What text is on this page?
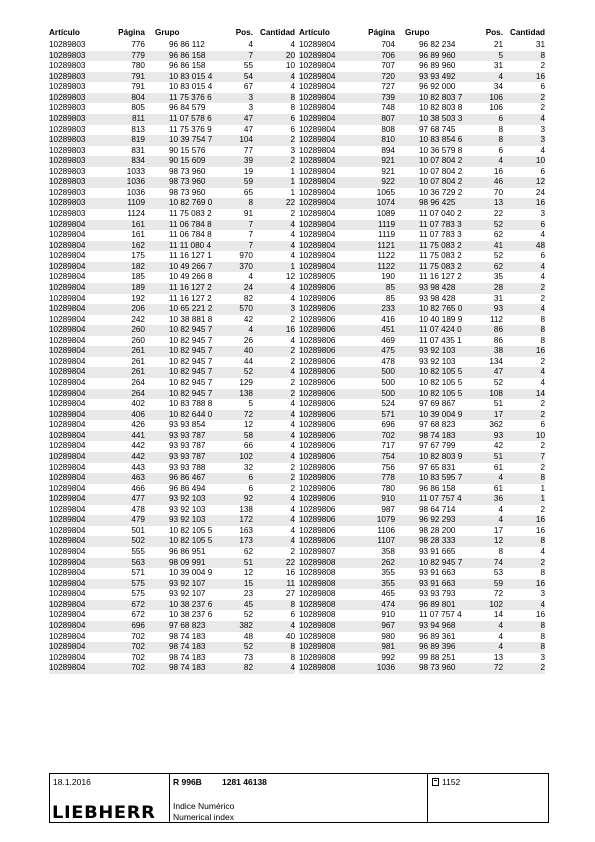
Artículo	Página		Grupo	Pos.	Cantidad
10289803	776		96 86 112	4	4
10289803	779		96 86 158	7	20
10289803	780		96 86 158	55	10
10289803	791		10 83 015 4	54	4
10289803	791		10 83 015 4	67	4
10289803	804		11 75 376 6	3	8
10289803	805		96 84 579	3	8
10289803	811		11 07 578 6	47	6
10289803	813		11 75 376 9	47	6
10289803	819		10 39 754 7	104	2
10289803	831		90 15 576	77	3
10289803	834		90 15 609	39	2
10289803	1033		98 73 960	19	1
10289803	1036		98 73 960	59	1
10289803	1036		98 73 960	65	1
10289803	1109		10 82 769 0	8	22
10289803	1124		11 75 083 2	91	2
10289804	161		11 06 784 8	7	4
10289804	161		11 06 784 8	7	4
10289804	162		11 11 080 4	7	4
10289804	175		11 16 127 1	970	4
10289804	182		10 49 266 7	370	1
10289804	185		10 49 266 8	4	12
10289804	189		11 16 127 2	24	4
10289804	192		11 16 127 2	82	4
10289804	206		10 65 221 2	570	3
10289804	242		10 38 881 8	42	2
10289804	260		10 82 945 7	4	16
10289804	260		10 82 945 7	26	4
10289804	261		10 82 945 7	40	2
10289804	261		10 82 945 7	44	2
10289804	261		10 82 945 7	52	4
10289804	264		10 82 945 7	129	2
10289804	264		10 82 945 7	138	2
10289804	402		10 83 788 8	5	4
10289804	406		10 82 644 0	72	4
10289804	426		93 93 854	12	4
10289804	441		93 93 787	58	4
10289804	442		93 93 787	66	4
10289804	442		93 93 787	102	4
10289804	443		93 93 788	32	2
10289804	463		96 86 467	6	2
10289804	466		96 86 494	6	2
10289804	477		93 92 103	92	4
10289804	478		93 92 103	138	4
10289804	479		93 92 103	172	4
10289804	501		10 82 105 5	163	4
10289804	502		10 82 105 5	173	4
10289804	555		96 86 951	62	2
10289804	563		98 09 991	51	22
10289804	571		10 39 004 9	12	16
10289804	575		93 92 107	15	11
10289804	575		93 92 107	23	27
10289804	672		10 38 237 6	45	8
10289804	672		10 38 237 6	52	6
10289804	696		97 68 823	382	4
10289804	702		98 74 183	48	40
10289804	702		98 74 183	52	8
10289804	702		98 74 183	73	8
10289804	702		98 74 183	82	4
Artículo	Página		Grupo	Pos.	Cantidad
10289804	704		96 82 234	21	31
10289804	706		96 89 960	5	8
10289804	707		96 89 960	31	2
10289804	720		93 93 492	4	16
10289804	727		96 92 000	34	6
10289804	739		10 82 803 7	106	2
10289804	748		10 82 803 8	106	2
10289804	807		10 38 503 3	6	4
10289804	808		97 68 745	8	3
10289804	810		10 83 854 6	8	3
10289804	894		10 36 579 8	6	4
10289804	921		10 07 804 2	4	10
10289804	921		10 07 804 2	16	6
10289804	922		10 07 804 2	46	12
10289804	1065		10 36 729 2	70	24
10289804	1074		98 96 425	13	16
10289804	1089		11 07 040 2	22	3
10289804	1119		11 07 783 3	52	6
10289804	1119		11 07 783 3	62	4
10289804	1121		11 75 083 2	41	48
10289804	1122		11 75 083 2	52	6
10289804	1122		11 75 083 2	62	4
10289805	190		11 16 127 2	35	4
10289806	85		93 98 428	28	2
10289806	85		93 98 428	31	2
10289806	233		10 82 765 0	93	4
10289806	416		10 40 189 9	112	8
10289806	451		11 07 424 0	86	8
10289806	469		11 07 435 1	86	8
10289806	475		93 92 103	38	16
10289806	478		93 92 103	134	2
10289806	500		10 82 105 5	47	4
10289806	500		10 82 105 5	52	4
10289806	500		10 82 105 5	108	14
10289806	524		97 69 867	51	2
10289806	571		10 39 004 9	17	2
10289806	696		97 68 823	362	6
10289806	702		98 74 183	93	10
10289806	717		97 67 799	42	2
10289806	754		10 82 803 9	51	7
10289806	756		97 65 831	61	2
10289806	778		10 83 595 7	4	8
10289806	780		96 86 158	61	1
10289806	910		11 07 757 4	36	1
10289806	987		98 64 714	4	2
10289806	1079		96 92 293	4	16
10289806	1106		98 28 200	17	16
10289806	1107		98 28 333	12	8
10289807	358		93 91 665	8	4
10289808	262		10 82 945 7	74	2
10289808	355		93 91 663	53	8
10289808	355		93 91 663	59	16
10289808	465		93 93 793	72	3
10289808	474		96 89 801	102	4
10289808	910		11 07 757 4	14	16
10289808	967		93 94 968	4	8
10289808	980		96 89 361	4	8
10289808	981		96 89 396	4	8
10289808	992		99 88 251	13	3
10289808	1036		98 73 960	72	2
18.1.2016
LIEBHERR
R 996B 1281 46138
Indice Numérico
Numerical index
1152
